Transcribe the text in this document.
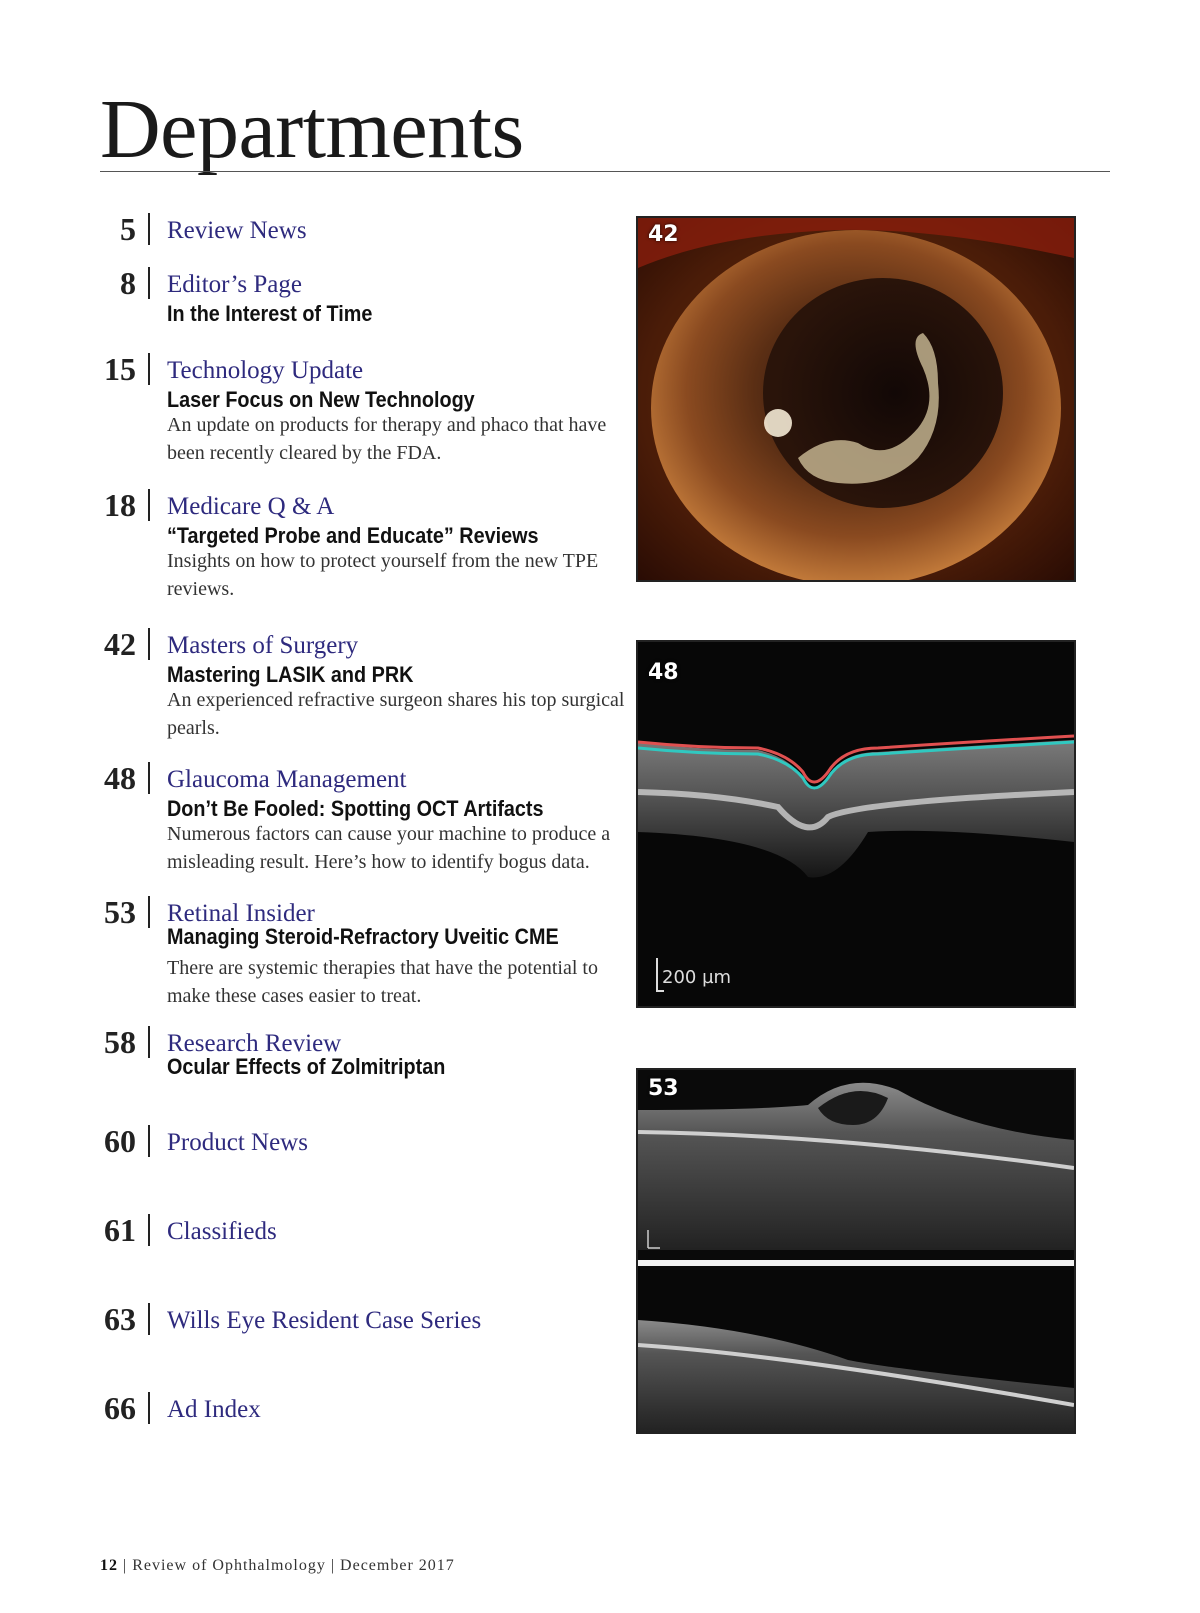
Departments
5 Review News
8 Editor’s Page
In the Interest of Time
15 Technology Update
Laser Focus on New Technology
An update on products for therapy and phaco that have been recently cleared by the FDA.
18 Medicare Q & A
“Targeted Probe and Educate” Reviews
Insights on how to protect yourself from the new TPE reviews.
42 Masters of Surgery
Mastering LASIK and PRK
An experienced refractive surgeon shares his top surgical pearls.
48 Glaucoma Management
Don’t Be Fooled: Spotting OCT Artifacts
Numerous factors can cause your machine to produce a misleading result. Here’s how to identify bogus data.
53 Retinal Insider
Managing Steroid-Refractory Uveitic CME
There are systemic therapies that have the potential to make these cases easier to treat.
58 Research Review
Ocular Effects of Zolmitriptan
60 Product News
61 Classifieds
63 Wills Eye Resident Case Series
66 Ad Index
42
48
200 µm
53
12 | Review of Ophthalmology | December 2017
